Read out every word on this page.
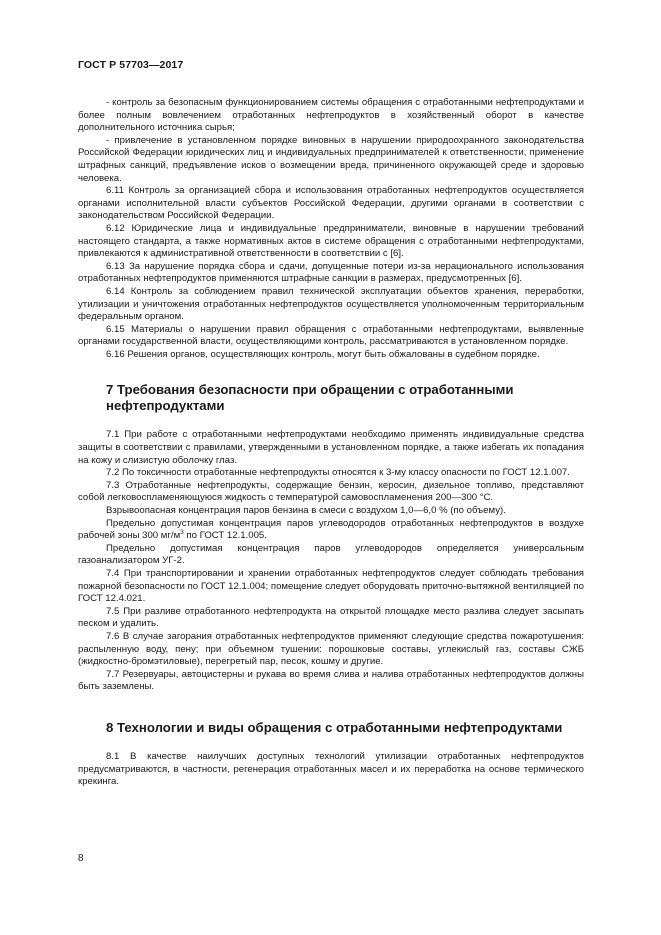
ГОСТ Р 57703—2017

- контроль за безопасным функционированием системы обращения с отработанными нефтепродуктами и более полным вовлечением отработанных нефтепродуктов в хозяйственный оборот в качестве дополнительного источника сырья;

- привлечение в установленном порядке виновных в нарушении природоохранного законодательства Российской Федерации юридических лиц и индивидуальных предпринимателей к ответственности, применение штрафных санкций, предъявление исков о возмещении вреда, причиненного окружающей среде и здоровью человека.

6.11 Контроль за организацией сбора и использования отработанных нефтепродуктов осуществляется органами исполнительной власти субъектов Российской Федерации, другими органами в соответствии с законодательством Российской Федерации.

6.12 Юридические лица и индивидуальные предприниматели, виновные в нарушении требований настоящего стандарта, а также нормативных актов в системе обращения с отработанными нефтепродуктами, привлекаются к административной ответственности в соответствии с [6].

6.13 За нарушение порядка сбора и сдачи, допущенные потери из-за нерационального использования отработанных нефтепродуктов применяются штрафные санкции в размерах, предусмотренных [6].

6.14 Контроль за соблюдением правил технической эксплуатации объектов хранения, переработки, утилизации и уничтожения отработанных нефтепродуктов осуществляется уполномоченным территориальным федеральным органом.

6.15 Материалы о нарушении правил обращения с отработанными нефтепродуктами, выявленные органами государственной власти, осуществляющими контроль, рассматриваются в установленном порядке.

6.16 Решения органов, осуществляющих контроль, могут быть обжалованы в судебном порядке.

7 Требования безопасности при обращении с отработанными нефтепродуктами

7.1 При работе с отработанными нефтепродуктами необходимо применять индивидуальные средства защиты в соответствии с правилами, утвержденными в установленном порядке, а также избегать их попадания на кожу и слизистую оболочку глаз.

7.2 По токсичности отработанные нефтепродукты относятся к 3-му классу опасности по ГОСТ 12.1.007.

7.3 Отработанные нефтепродукты, содержащие бензин, керосин, дизельное топливо, представляют собой легковоспламеняющуюся жидкость с температурой самовоспламенения 200—300 °С.

Взрывоопасная концентрация паров бензина в смеси с воздухом 1,0—6,0 % (по объему).

Предельно допустимая концентрация паров углеводородов отработанных нефтепродуктов в воздухе рабочей зоны 300 $мг/м^3$ по ГОСТ 12.1.005.

Предельно допустимая концентрация паров углеводородов определяется универсальным газоанализатором УГ-2.

7.4 При транспортировании и хранении отработанных нефтепродуктов следует соблюдать требования пожарной безопасности по ГОСТ 12.1.004; помещение следует оборудовать приточно-вытяжной вентиляцией по ГОСТ 12.4.021.

7.5 При разливе отработанного нефтепродукта на открытой площадке место разлива следует засыпать песком и удалить.

7.6 В случае загорания отработанных нефтепродуктов применяют следующие средства пожаротушения: распыленную воду, пену; при объемном тушении: порошковые составы, углекислый газ, составы СЖБ (жидкостно-бромэтиловые), перегретый пар, песок, кошму и другие.

7.7 Резервуары, автоцистерны и рукава во время слива и налива отработанных нефтепродуктов должны быть заземлены.

8 Технологии и виды обращения с отработанными нефтепродуктами

8.1 В качестве наилучших доступных технологий утилизации отработанных нефтепродуктов предусматриваются, в частности, регенерация отработанных масел и их переработка на основе термического крекинга.

8
